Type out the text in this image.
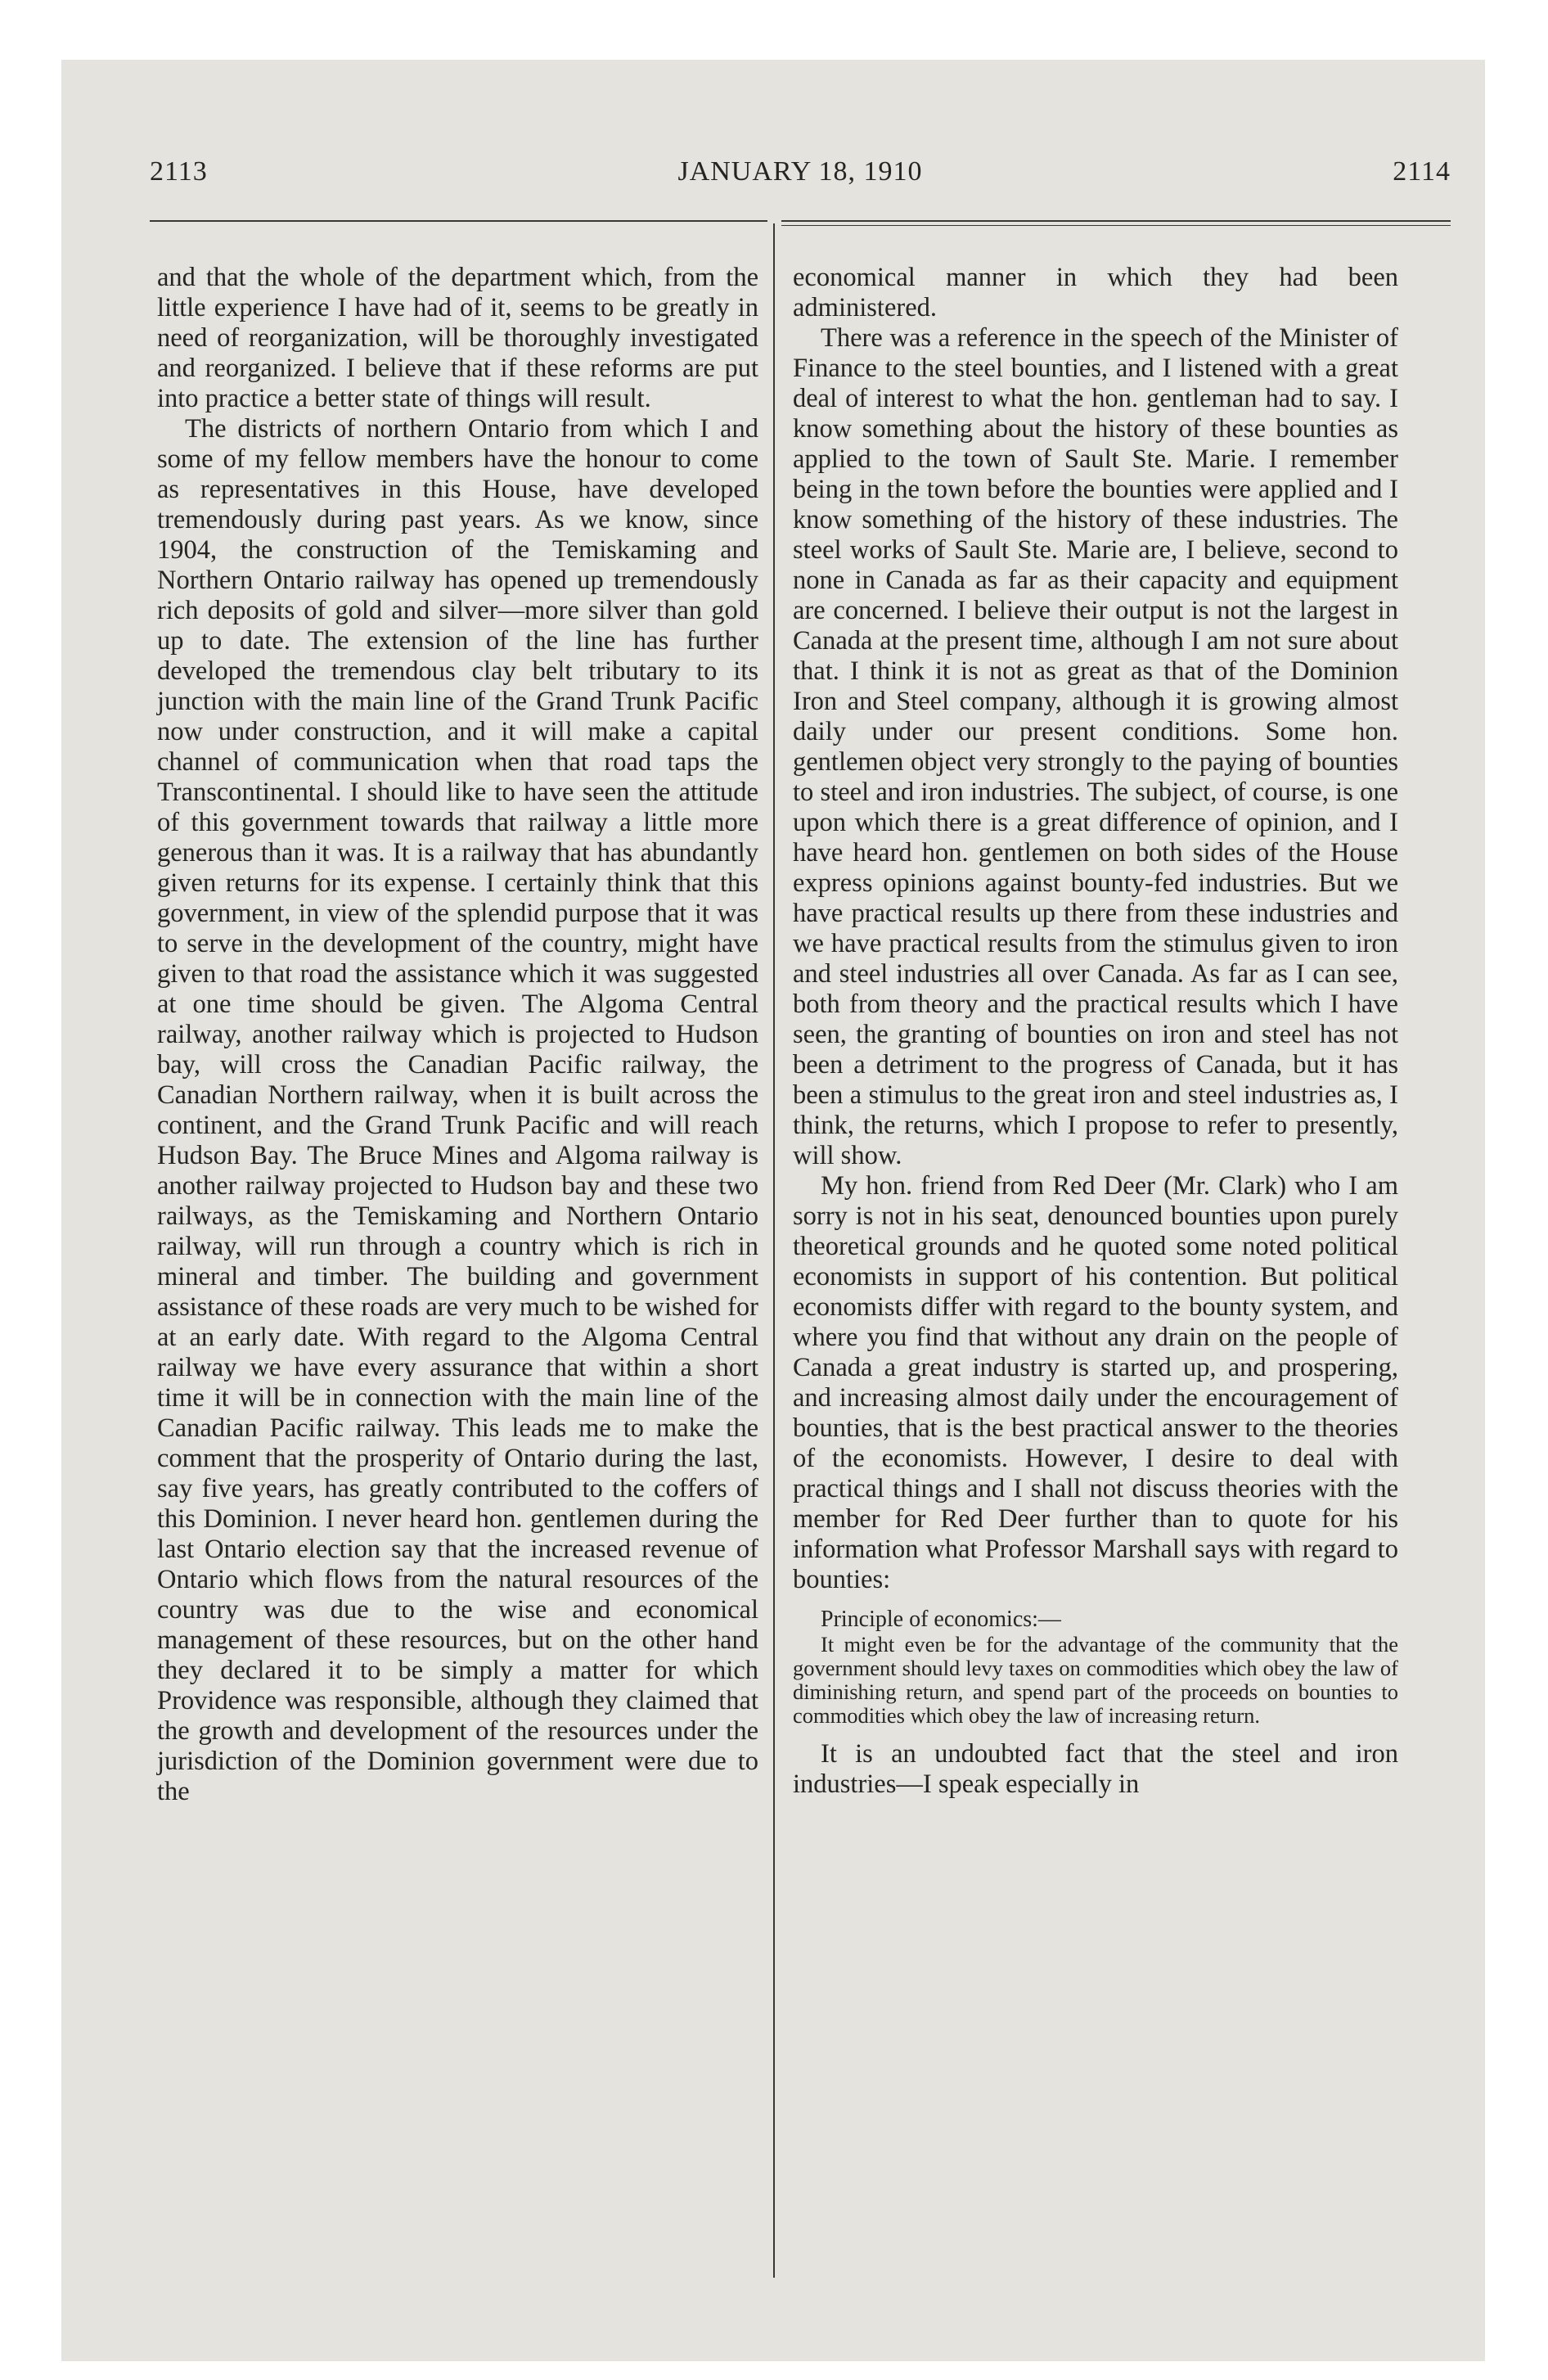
2113	JANUARY 18, 1910	2114

and that the whole of the department which, from the little experience I have had of it, seems to be greatly in need of reorganization, will be thoroughly investigated and reorganized. I believe that if these reforms are put into practice a better state of things will result.

The districts of northern Ontario from which I and some of my fellow members have the honour to come as representatives in this House, have developed tremendously during past years. As we know, since 1904, the construction of the Temiskaming and Northern Ontario railway has opened up tremendously rich deposits of gold and silver—more silver than gold up to date. The extension of the line has further developed the tremendous clay belt tributary to its junction with the main line of the Grand Trunk Pacific now under construction, and it will make a capital channel of communication when that road taps the Transcontinental. I should like to have seen the attitude of this government towards that railway a little more generous than it was. It is a railway that has abundantly given returns for its expense. I certainly think that this government, in view of the splendid purpose that it was to serve in the development of the country, might have given to that road the assistance which it was suggested at one time should be given. The Algoma Central railway, another railway which is projected to Hudson bay, will cross the Canadian Pacific railway, the Canadian Northern railway, when it is built across the continent, and the Grand Trunk Pacific and will reach Hudson Bay. The Bruce Mines and Algoma railway is another railway projected to Hudson bay and these two railways, as the Temiskaming and Northern Ontario railway, will run through a country which is rich in mineral and timber. The building and government assistance of these roads are very much to be wished for at an early date. With regard to the Algoma Central railway we have every assurance that within a short time it will be in connection with the main line of the Canadian Pacific railway. This leads me to make the comment that the prosperity of Ontario during the last, say five years, has greatly contributed to the coffers of this Dominion. I never heard hon. gentlemen during the last Ontario election say that the increased revenue of Ontario which flows from the natural resources of the country was due to the wise and economical management of these resources, but on the other hand they declared it to be simply a matter for which Providence was responsible, although they claimed that the growth and development of the resources under the jurisdiction of the Dominion government were due to the

economical manner in which they had been administered.

There was a reference in the speech of the Minister of Finance to the steel bounties, and I listened with a great deal of interest to what the hon. gentleman had to say. I know something about the history of these bounties as applied to the town of Sault Ste. Marie. I remember being in the town before the bounties were applied and I know something of the history of these industries. The steel works of Sault Ste. Marie are, I believe, second to none in Canada as far as their capacity and equipment are concerned. I believe their output is not the largest in Canada at the present time, although I am not sure about that. I think it is not as great as that of the Dominion Iron and Steel company, although it is growing almost daily under our present conditions. Some hon. gentlemen object very strongly to the paying of bounties to steel and iron industries. The subject, of course, is one upon which there is a great difference of opinion, and I have heard hon. gentlemen on both sides of the House express opinions against bounty-fed industries. But we have practical results up there from these industries and we have practical results from the stimulus given to iron and steel industries all over Canada. As far as I can see, both from theory and the practical results which I have seen, the granting of bounties on iron and steel has not been a detriment to the progress of Canada, but it has been a stimulus to the great iron and steel industries as, I think, the returns, which I propose to refer to presently, will show.

My hon. friend from Red Deer (Mr. Clark) who I am sorry is not in his seat, denounced bounties upon purely theoretical grounds and he quoted some noted political economists in support of his contention. But political economists differ with regard to the bounty system, and where you find that without any drain on the people of Canada a great industry is started up, and prospering, and increasing almost daily under the encouragement of bounties, that is the best practical answer to the theories of the economists. However, I desire to deal with practical things and I shall not discuss theories with the member for Red Deer further than to quote for his information what Professor Marshall says with regard to bounties:

Principle of economics:—

It might even be for the advantage of the community that the government should levy taxes on commodities which obey the law of diminishing return, and spend part of the proceeds on bounties to commodities which obey the law of increasing return.

It is an undoubted fact that the steel and iron industries—I speak especially in
